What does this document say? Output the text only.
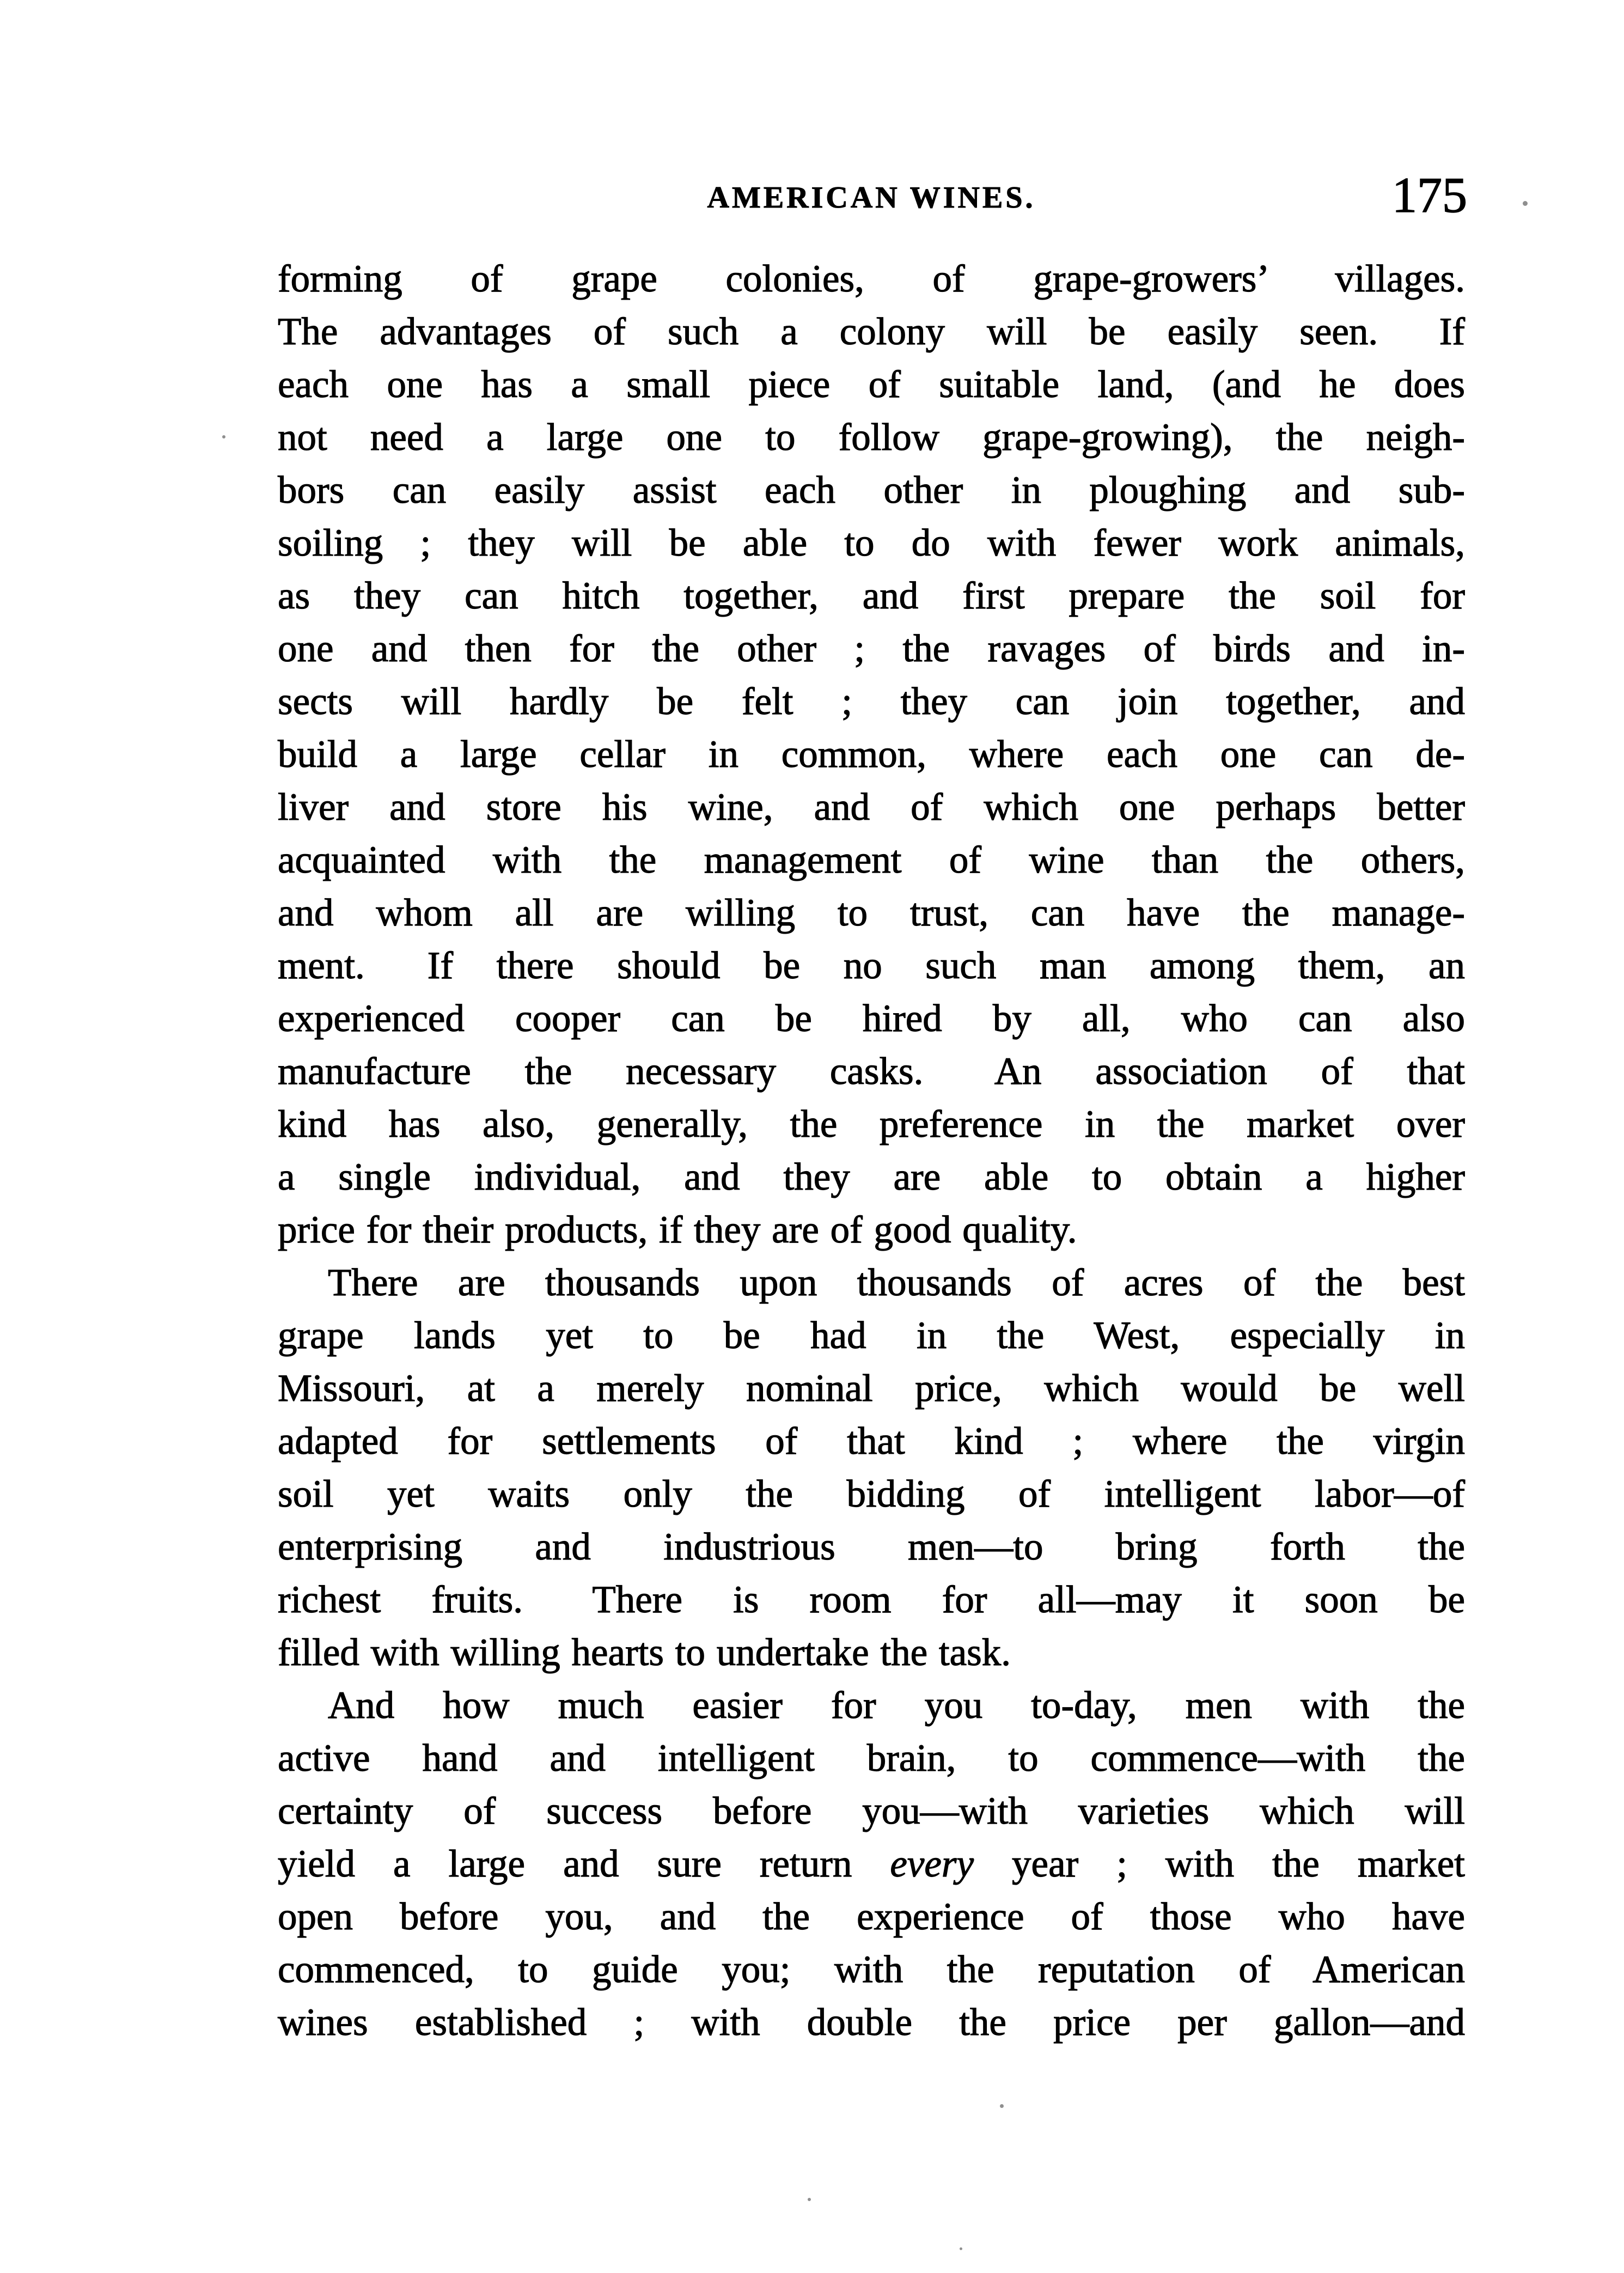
AMERICAN WINES.	175
forming of grape colonies, of grape-growers’ villages.
The advantages of such a colony will be easily seen.  If
each one has a small piece of suitable land, (and he does
not need a large one to follow grape-growing), the neigh-
bors can easily assist each other in ploughing and sub-
soiling ; they will be able to do with fewer work animals,
as they can hitch together, and first prepare the soil for
one and then for the other ; the ravages of birds and in-
sects will hardly be felt ; they can join together, and
build a large cellar in common, where each one can de-
liver and store his wine, and of which one perhaps better
acquainted with the management of wine than the others,
and whom all are willing to trust, can have the manage-
ment.  If there should be no such man among them, an
experienced cooper can be hired by all, who can also
manufacture the necessary casks.  An association of that
kind has also, generally, the preference in the market over
a single individual, and they are able to obtain a higher
price for their products, if they are of good quality.
There are thousands upon thousands of acres of the best
grape lands yet to be had in the West, especially in
Missouri, at a merely nominal price, which would be well
adapted for settlements of that kind ; where the virgin
soil yet waits only the bidding of intelligent labor—of
enterprising and industrious men—to bring forth the
richest fruits.  There is room for all—may it soon be
filled with willing hearts to undertake the task.
And how much easier for you to-day, men with the
active hand and intelligent brain, to commence—with the
certainty of success before you—with varieties which will
yield a large and sure return every year ; with the market
open before you, and the experience of those who have
commenced, to guide you; with the reputation of American
wines established ; with double the price per gallon—and
